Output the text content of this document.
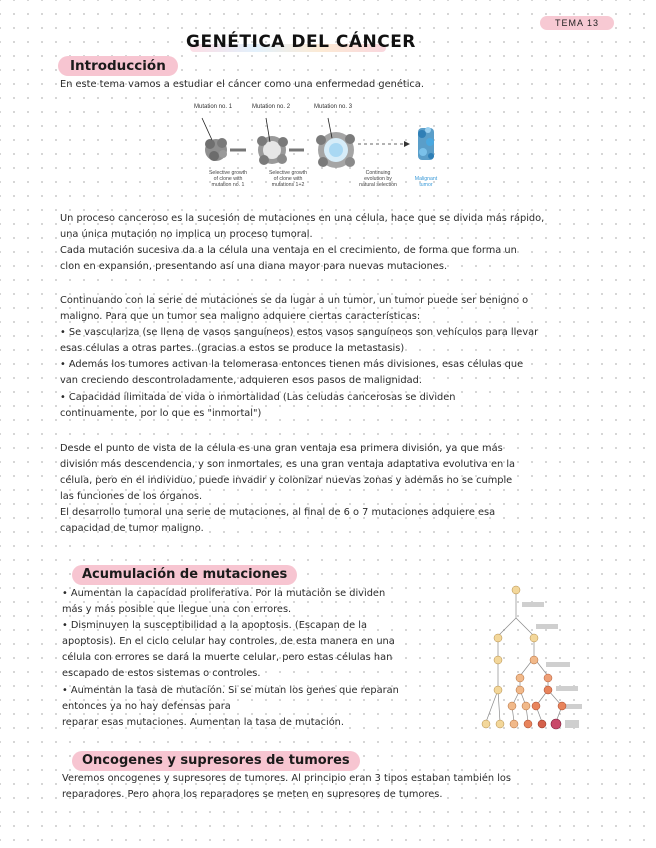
TEMA 13
GENÉTICA DEL CÁNCER
Introducción
En este tema vamos a estudiar el cáncer como una enfermedad genética.
Mutation no. 1	Mutation no. 2	Mutation no. 3
Selective growth
of clone with
mutation no. 1
Selective growth
of clone with
mutations 1+2
Continuing
evolution by
natural selection
Malignant
tumor
Un proceso canceroso es la sucesión de mutaciones en una célula, hace que se divida más rápido,
una única mutación no implica un proceso tumoral.
Cada mutación sucesiva da a la célula una ventaja en el crecimiento, de forma que forma un
clon en expansión, presentando así una diana mayor para nuevas mutaciones.
Continuando con la serie de mutaciones se da lugar a un tumor, un tumor puede ser benigno o
maligno. Para que un tumor sea maligno adquiere ciertas características:
• Se vasculariza (se llena de vasos sanguíneos) estos vasos sanguíneos son vehículos para llevar
esas células a otras partes. (gracias a estos se produce la metastasis)
• Además los tumores activan la telomerasa entonces tienen más divisiones, esas células que
van creciendo descontroladamente, adquieren esos pasos de malignidad.
• Capacidad ilimitada de vida o inmortalidad (Las celudas cancerosas se dividen
continuamente, por lo que es "inmortal")
Desde el punto de vista de la célula es una gran ventaja esa primera división, ya que más
división más descendencia, y son inmortales, es una gran ventaja adaptativa evolutiva en la
célula, pero en el individuo, puede invadir y colonizar nuevas zonas y además no se cumple
las funciones de los órganos.
El desarrollo tumoral una serie de mutaciones, al final de 6 o 7 mutaciones adquiere esa
capacidad de tumor maligno.
Acumulación de mutaciones
• Aumentan la capacidad proliferativa. Por la mutación se dividen
más y más posible que llegue una con errores.
• Disminuyen la susceptibilidad a la apoptosis. (Escapan de la
apoptosis). En el ciclo celular hay controles, de esta manera en una
célula con errores se dará la muerte celular, pero estas células han
escapado de estos sistemas o controles.
• Aumentan la tasa de mutación. Si se mutan los genes que reparan
entonces ya no hay defensas para
reparar esas mutaciones. Aumentan la tasa de mutación.
Oncogenes y supresores de tumores
Veremos oncogenes y supresores de tumores. Al principio eran 3 tipos estaban también los
reparadores. Pero ahora los reparadores se meten en supresores de tumores.
